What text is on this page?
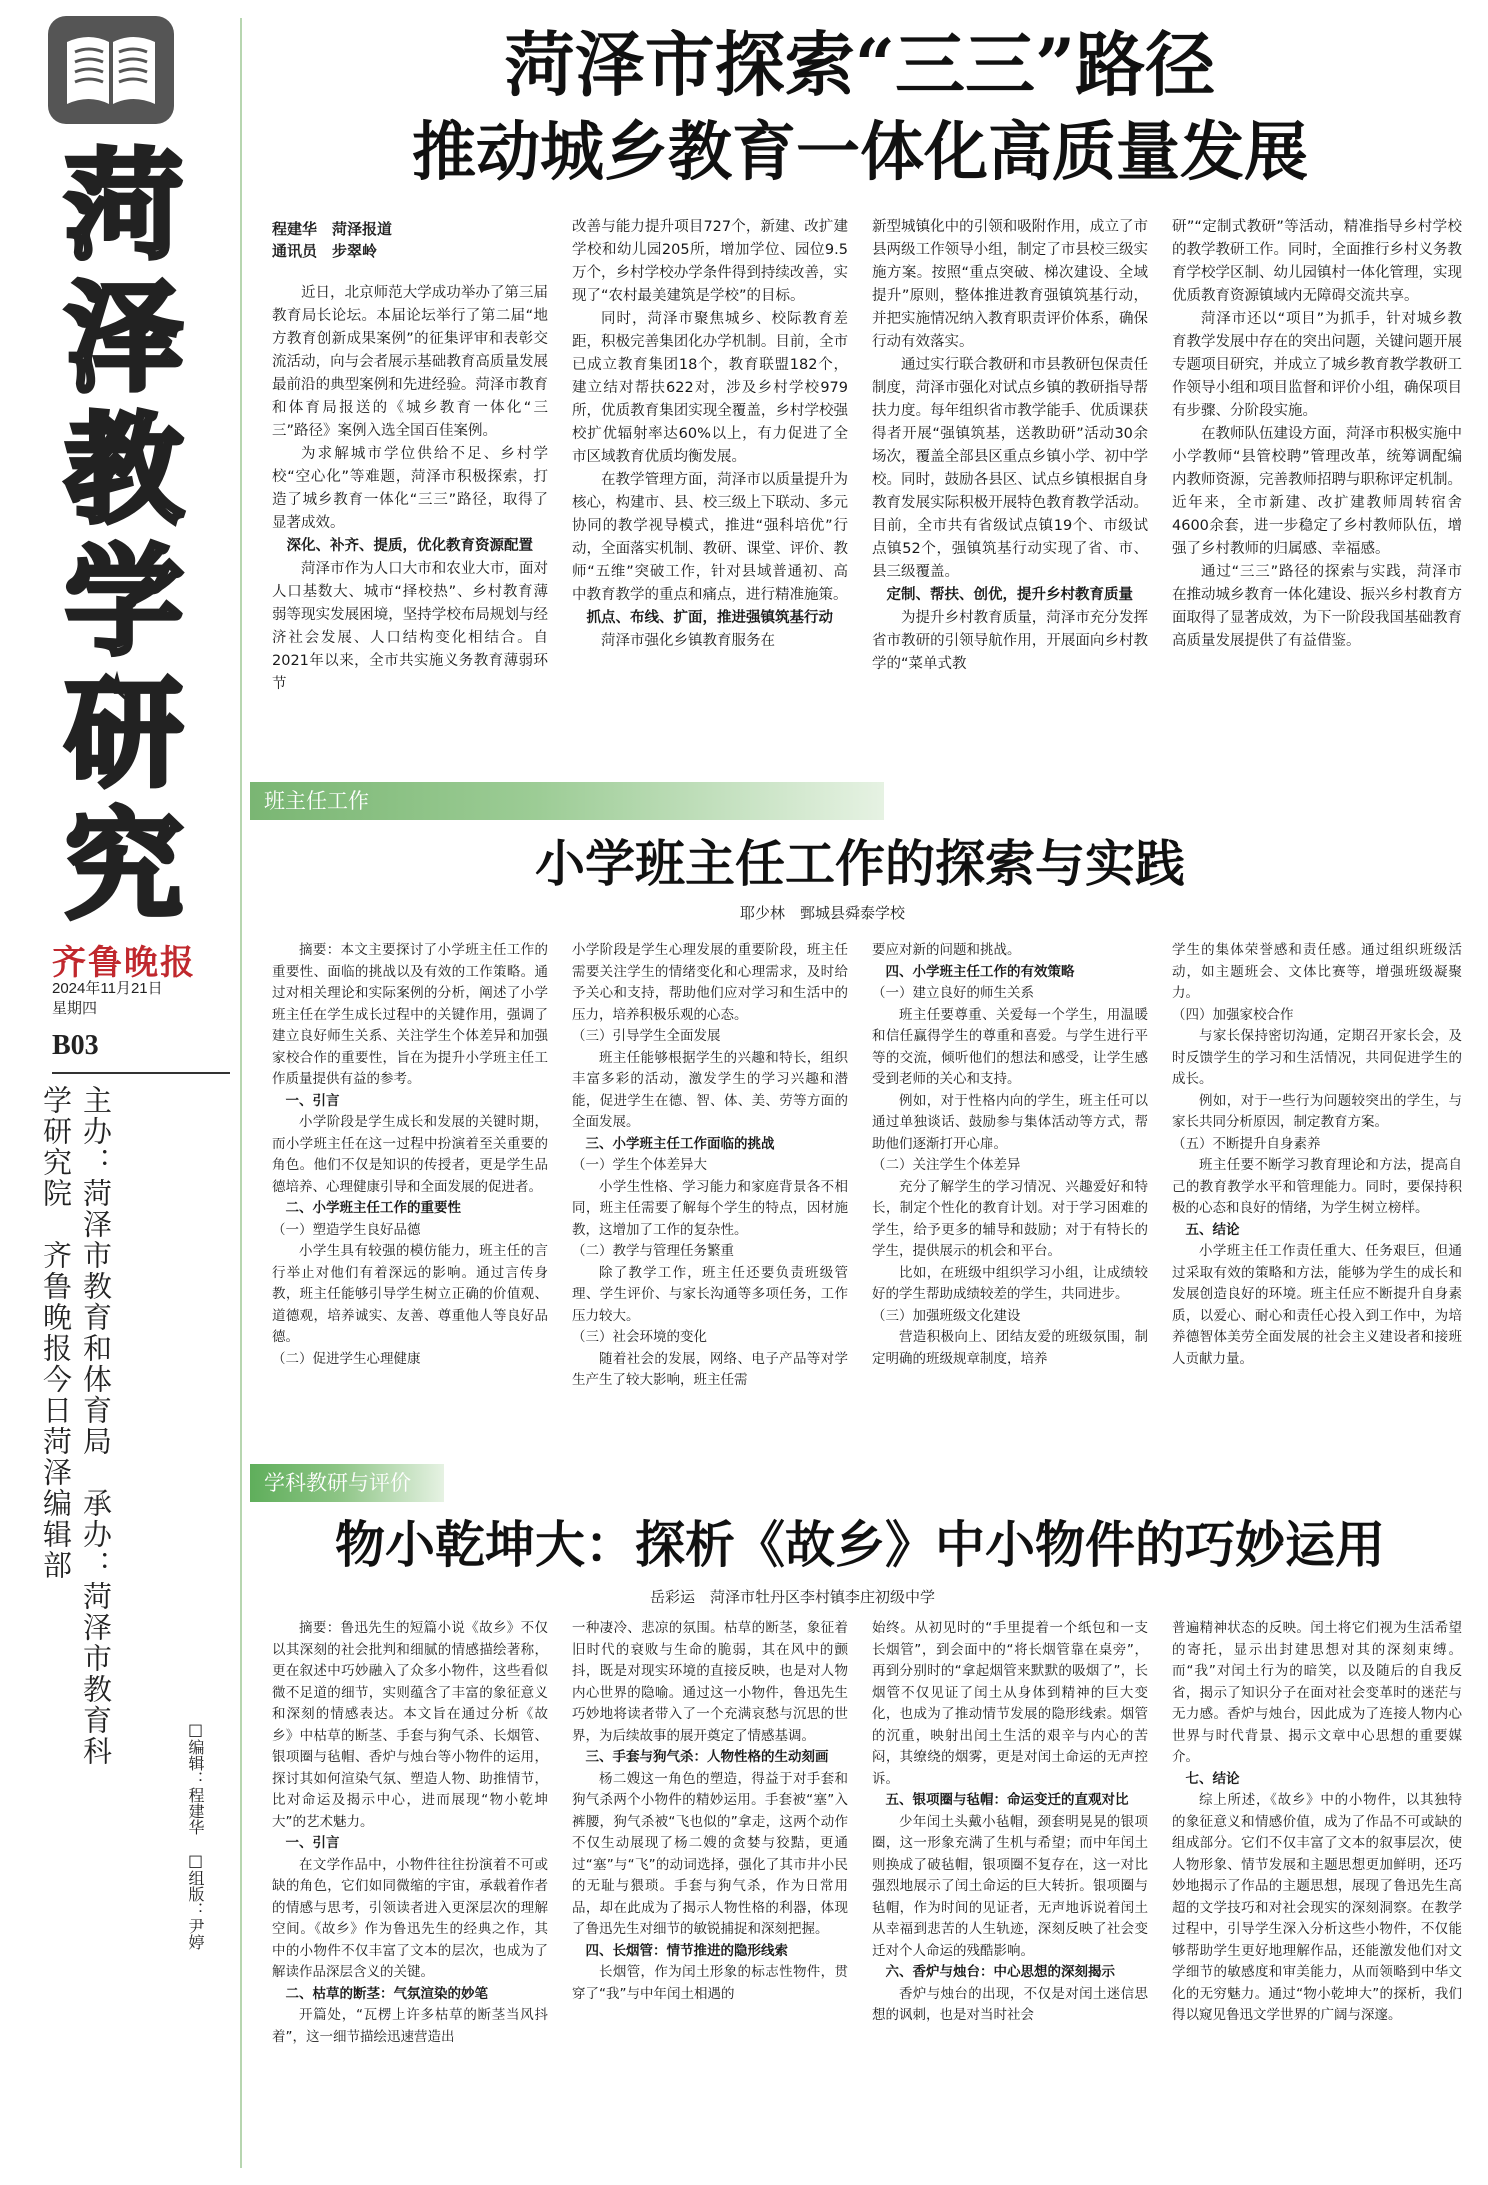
菏
泽
教
学
研
究
齐鲁晚报
2024年11月21日
星期四
B03
主办：菏泽市教育和体育局　承办：菏泽市教育科学研究院　齐鲁晚报今日菏泽编辑部
□编辑：程建华　□组版：尹婷
菏泽市探索“三三”路径
推动城乡教育一体化高质量发展
程建华　菏泽报道
通讯员　步翠岭

近日，北京师范大学成功举办了第三届教育局长论坛。本届论坛举行了第二届“地方教育创新成果案例”的征集评审和表彰交流活动，向与会者展示基础教育高质量发展最前沿的典型案例和先进经验。菏泽市教育和体育局报送的《城乡教育一体化“三三”路径》案例入选全国百佳案例。

为求解城市学位供给不足、乡村学校“空心化”等难题，菏泽市积极探索，打造了城乡教育一体化“三三”路径，取得了显著成效。

深化、补齐、提质，优化教育资源配置

菏泽市作为人口大市和农业大市，面对人口基数大、城市“择校热”、乡村教育薄弱等现实发展困境，坚持学校布局规划与经济社会发展、人口结构变化相结合。自2021年以来，全市共实施义务教育薄弱环节

改善与能力提升项目727个，新建、改扩建学校和幼儿园205所，增加学位、园位9.5万个，乡村学校办学条件得到持续改善，实现了“农村最美建筑是学校”的目标。

同时，菏泽市聚焦城乡、校际教育差距，积极完善集团化办学机制。目前，全市已成立教育集团18个，教育联盟182个，建立结对帮扶622对，涉及乡村学校979所，优质教育集团实现全覆盖，乡村学校强校扩优辐射率达60%以上，有力促进了全市区域教育优质均衡发展。

在教学管理方面，菏泽市以质量提升为核心，构建市、县、校三级上下联动、多元协同的教学视导模式，推进“强科培优”行动，全面落实机制、教研、课堂、评价、教师“五维”突破工作，针对县域普通初、高中教育教学的重点和痛点，进行精准施策。

抓点、布线、扩面，推进强镇筑基行动

菏泽市强化乡镇教育服务在

新型城镇化中的引领和吸附作用，成立了市县两级工作领导小组，制定了市县校三级实施方案。按照“重点突破、梯次建设、全域提升”原则，整体推进教育强镇筑基行动，并把实施情况纳入教育职责评价体系，确保行动有效落实。

通过实行联合教研和市县教研包保责任制度，菏泽市强化对试点乡镇的教研指导帮扶力度。每年组织省市教学能手、优质课获得者开展“强镇筑基，送教助研”活动30余场次，覆盖全部县区重点乡镇小学、初中学校。同时，鼓励各县区、试点乡镇根据自身教育发展实际积极开展特色教育教学活动。目前，全市共有省级试点镇19个、市级试点镇52个，强镇筑基行动实现了省、市、县三级覆盖。

定制、帮扶、创优，提升乡村教育质量

为提升乡村教育质量，菏泽市充分发挥省市教研的引领导航作用，开展面向乡村教学的“菜单式教

研”“定制式教研”等活动，精准指导乡村学校的教学教研工作。同时，全面推行乡村义务教育学校学区制、幼儿园镇村一体化管理，实现优质教育资源镇域内无障碍交流共享。

菏泽市还以“项目”为抓手，针对城乡教育教学发展中存在的突出问题，关键问题开展专题项目研究，并成立了城乡教育教学教研工作领导小组和项目监督和评价小组，确保项目有步骤、分阶段实施。

在教师队伍建设方面，菏泽市积极实施中小学教师“县管校聘”管理改革，统筹调配编内教师资源，完善教师招聘与职称评定机制。近年来，全市新建、改扩建教师周转宿舍4600余套，进一步稳定了乡村教师队伍，增强了乡村教师的归属感、幸福感。

通过“三三”路径的探索与实践，菏泽市在推动城乡教育一体化建设、振兴乡村教育方面取得了显著成效，为下一阶段我国基础教育高质量发展提供了有益借鉴。

班主任工作
小学班主任工作的探索与实践
耶少林　鄄城县舜泰学校

摘要：本文主要探讨了小学班主任工作的重要性、面临的挑战以及有效的工作策略。通过对相关理论和实际案例的分析，阐述了小学班主任在学生成长过程中的关键作用，强调了建立良好师生关系、关注学生个体差异和加强家校合作的重要性，旨在为提升小学班主任工作质量提供有益的参考。

一、引言

小学阶段是学生成长和发展的关键时期，而小学班主任在这一过程中扮演着至关重要的角色。他们不仅是知识的传授者，更是学生品德培养、心理健康引导和全面发展的促进者。

二、小学班主任工作的重要性

（一）塑造学生良好品德

小学生具有较强的模仿能力，班主任的言行举止对他们有着深远的影响。通过言传身教，班主任能够引导学生树立正确的价值观、道德观，培养诚实、友善、尊重他人等良好品德。

（二）促进学生心理健康

小学阶段是学生心理发展的重要阶段，班主任需要关注学生的情绪变化和心理需求，及时给予关心和支持，帮助他们应对学习和生活中的压力，培养积极乐观的心态。

（三）引导学生全面发展

班主任能够根据学生的兴趣和特长，组织丰富多彩的活动，激发学生的学习兴趣和潜能，促进学生在德、智、体、美、劳等方面的全面发展。

三、小学班主任工作面临的挑战

（一）学生个体差异大

小学生性格、学习能力和家庭背景各不相同，班主任需要了解每个学生的特点，因材施教，这增加了工作的复杂性。

（二）教学与管理任务繁重

除了教学工作，班主任还要负责班级管理、学生评价、与家长沟通等多项任务，工作压力较大。

（三）社会环境的变化

随着社会的发展，网络、电子产品等对学生产生了较大影响，班主任需

要应对新的问题和挑战。

四、小学班主任工作的有效策略

（一）建立良好的师生关系

班主任要尊重、关爱每一个学生，用温暖和信任赢得学生的尊重和喜爱。与学生进行平等的交流，倾听他们的想法和感受，让学生感受到老师的关心和支持。

例如，对于性格内向的学生，班主任可以通过单独谈话、鼓励参与集体活动等方式，帮助他们逐渐打开心扉。

（二）关注学生个体差异

充分了解学生的学习情况、兴趣爱好和特长，制定个性化的教育计划。对于学习困难的学生，给予更多的辅导和鼓励；对于有特长的学生，提供展示的机会和平台。

比如，在班级中组织学习小组，让成绩较好的学生帮助成绩较差的学生，共同进步。

（三）加强班级文化建设

营造积极向上、团结友爱的班级氛围，制定明确的班级规章制度，培养

学生的集体荣誉感和责任感。通过组织班级活动，如主题班会、文体比赛等，增强班级凝聚力。

（四）加强家校合作

与家长保持密切沟通，定期召开家长会，及时反馈学生的学习和生活情况，共同促进学生的成长。

例如，对于一些行为问题较突出的学生，与家长共同分析原因，制定教育方案。

（五）不断提升自身素养

班主任要不断学习教育理论和方法，提高自己的教育教学水平和管理能力。同时，要保持积极的心态和良好的情绪，为学生树立榜样。

五、结论

小学班主任工作责任重大、任务艰巨，但通过采取有效的策略和方法，能够为学生的成长和发展创造良好的环境。班主任应不断提升自身素质，以爱心、耐心和责任心投入到工作中，为培养德智体美劳全面发展的社会主义建设者和接班人贡献力量。

学科教研与评价
物小乾坤大：探析《故乡》中小物件的巧妙运用
岳彩运　菏泽市牡丹区李村镇李庄初级中学

摘要：鲁迅先生的短篇小说《故乡》不仅以其深刻的社会批判和细腻的情感描绘著称，更在叙述中巧妙融入了众多小物件，这些看似微不足道的细节，实则蕴含了丰富的象征意义和深刻的情感表达。本文旨在通过分析《故乡》中枯草的断茎、手套与狗气杀、长烟管、银项圈与毡帽、香炉与烛台等小物件的运用，探讨其如何渲染气氛、塑造人物、助推情节，比对命运及揭示中心，进而展现“物小乾坤大”的艺术魅力。

一、引言

在文学作品中，小物件往往扮演着不可或缺的角色，它们如同微缩的宇宙，承载着作者的情感与思考，引领读者进入更深层次的理解空间。《故乡》作为鲁迅先生的经典之作，其中的小物件不仅丰富了文本的层次，也成为了解读作品深层含义的关键。

二、枯草的断茎：气氛渲染的妙笔

开篇处，“瓦楞上许多枯草的断茎当风抖着”，这一细节描绘迅速营造出

一种凄冷、悲凉的氛围。枯草的断茎，象征着旧时代的衰败与生命的脆弱，其在风中的颤抖，既是对现实环境的直接反映，也是对人物内心世界的隐喻。通过这一小物件，鲁迅先生巧妙地将读者带入了一个充满哀愁与沉思的世界，为后续故事的展开奠定了情感基调。

三、手套与狗气杀：人物性格的生动刻画

杨二嫂这一角色的塑造，得益于对手套和狗气杀两个小物件的精妙运用。手套被“塞”入裤腰，狗气杀被“飞也似的”拿走，这两个动作不仅生动展现了杨二嫂的贪婪与狡黠，更通过“塞”与“飞”的动词选择，强化了其市井小民的无耻与猥琐。手套与狗气杀，作为日常用品，却在此成为了揭示人物性格的利器，体现了鲁迅先生对细节的敏锐捕捉和深刻把握。

四、长烟管：情节推进的隐形线索

长烟管，作为闰土形象的标志性物件，贯穿了“我”与中年闰土相遇的

始终。从初见时的“手里提着一个纸包和一支长烟管”，到会面中的“将长烟管靠在桌旁”，再到分别时的“拿起烟管来默默的吸烟了”，长烟管不仅见证了闰土从身体到精神的巨大变化，也成为了推动情节发展的隐形线索。烟管的沉重，映射出闰土生活的艰辛与内心的苦闷，其缭绕的烟雾，更是对闰土命运的无声控诉。

五、银项圈与毡帽：命运变迁的直观对比

少年闰土头戴小毡帽，颈套明晃晃的银项圈，这一形象充满了生机与希望；而中年闰土则换成了破毡帽，银项圈不复存在，这一对比强烈地展示了闰土命运的巨大转折。银项圈与毡帽，作为时间的见证者，无声地诉说着闰土从幸福到悲苦的人生轨迹，深刻反映了社会变迁对个人命运的残酷影响。

六、香炉与烛台：中心思想的深刻揭示

香炉与烛台的出现，不仅是对闰土迷信思想的讽刺，也是对当时社会

普遍精神状态的反映。闰土将它们视为生活希望的寄托，显示出封建思想对其的深刻束缚。而“我”对闰土行为的暗笑，以及随后的自我反省，揭示了知识分子在面对社会变革时的迷茫与无力感。香炉与烛台，因此成为了连接人物内心世界与时代背景、揭示文章中心思想的重要媒介。

七、结论

综上所述，《故乡》中的小物件，以其独特的象征意义和情感价值，成为了作品不可或缺的组成部分。它们不仅丰富了文本的叙事层次，使人物形象、情节发展和主题思想更加鲜明，还巧妙地揭示了作品的主题思想，展现了鲁迅先生高超的文学技巧和对社会现实的深刻洞察。在教学过程中，引导学生深入分析这些小物件，不仅能够帮助学生更好地理解作品，还能激发他们对文学细节的敏感度和审美能力，从而领略到中华文化的无穷魅力。通过“物小乾坤大”的探析，我们得以窥见鲁迅文学世界的广阔与深邃。
